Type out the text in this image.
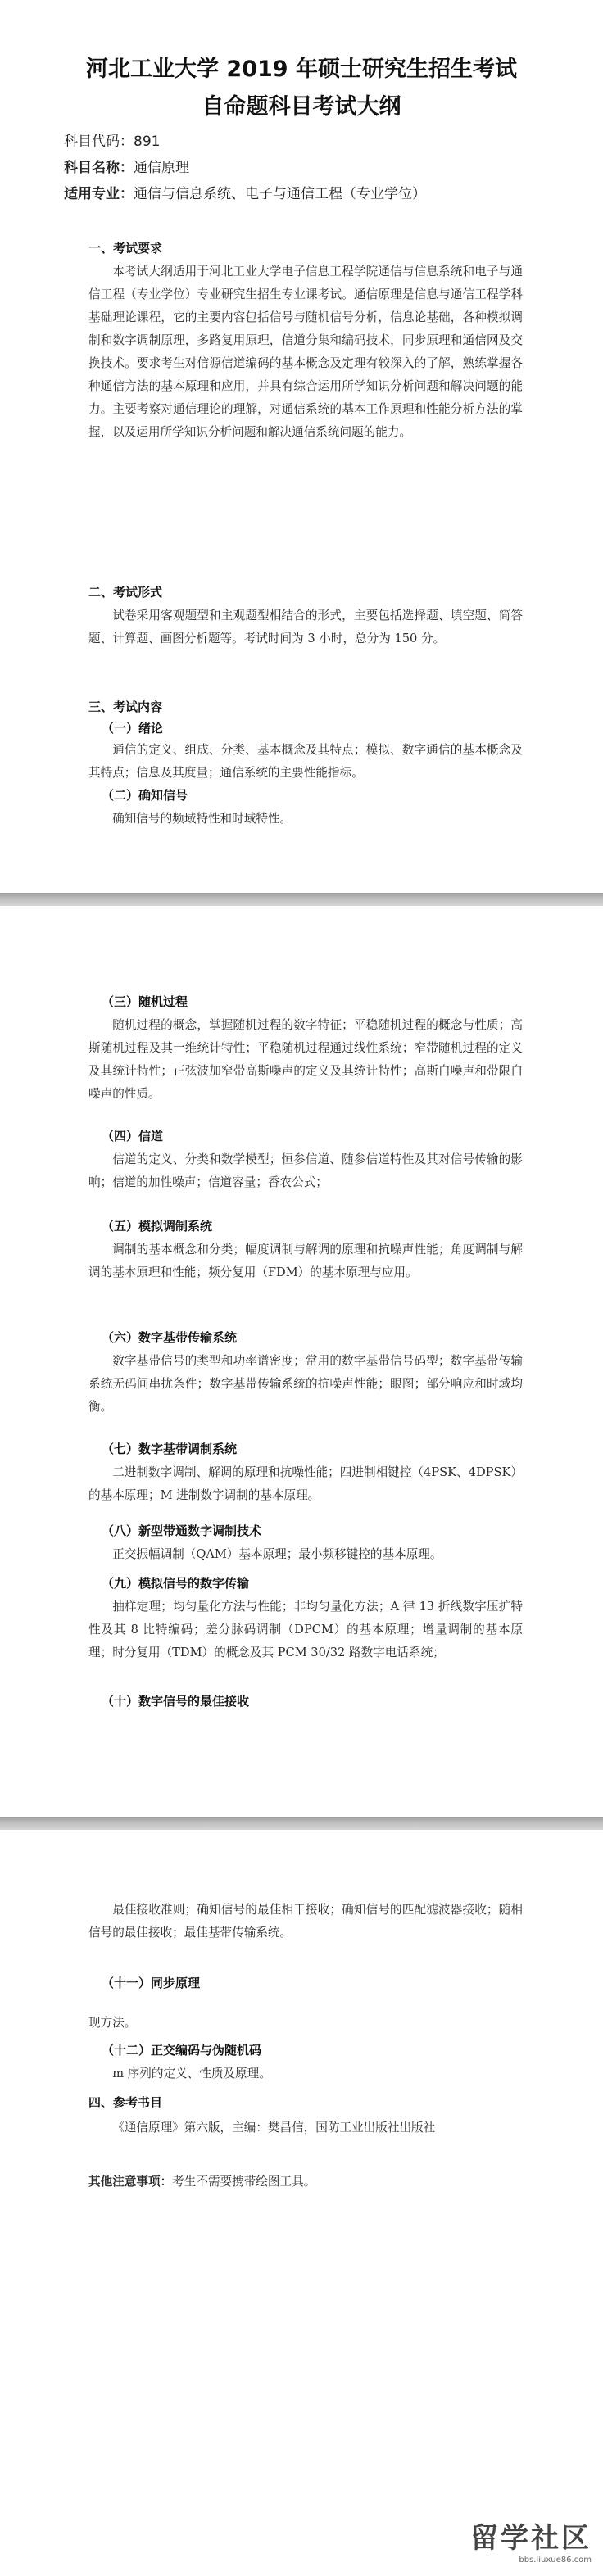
河北工业大学 2019 年硕士研究生招生考试
自命题科目考试大纲
科目代码：891
科目名称：通信原理
适用专业：通信与信息系统、电子与通信工程（专业学位）
一、考试要求

本考试大纲适用于河北工业大学电子信息工程学院通信与信息系统和电子与通信工程（专业学位）专业研究生招生专业课考试。通信原理是信息与通信工程学科基础理论课程，它的主要内容包括信号与随机信号分析，信息论基础，各种模拟调制和数字调制原理，多路复用原理，信道分集和编码技术，同步原理和通信网及交换技术。要求考生对信源信道编码的基本概念及定理有较深入的了解，熟练掌握各种通信方法的基本原理和应用，并具有综合运用所学知识分析问题和解决问题的能力。主要考察对通信理论的理解，对通信系统的基本工作原理和性能分析方法的掌握，以及运用所学知识分析问题和解决通信系统问题的能力。

二、考试形式

试卷采用客观题型和主观题型相结合的形式，主要包括选择题、填空题、简答题、计算题、画图分析题等。考试时间为 3 小时，总分为 150 分。

三、考试内容
（一）绪论

通信的定义、组成、分类、基本概念及其特点；模拟、数字通信的基本概念及其特点；信息及其度量；通信系统的主要性能指标。

（二）确知信号

确知信号的频域特性和时域特性。

（三）随机过程

随机过程的概念，掌握随机过程的数字特征；平稳随机过程的概念与性质；高斯随机过程及其一维统计特性；平稳随机过程通过线性系统；窄带随机过程的定义及其统计特性；正弦波加窄带高斯噪声的定义及其统计特性；高斯白噪声和带限白噪声的性质。

（四）信道

信道的定义、分类和数学模型；恒参信道、随参信道特性及其对信号传输的影响；信道的加性噪声；信道容量；香农公式；

（五）模拟调制系统

调制的基本概念和分类；幅度调制与解调的原理和抗噪声性能；角度调制与解调的基本原理和性能；频分复用（FDM）的基本原理与应用。

（六）数字基带传输系统

数字基带信号的类型和功率谱密度；常用的数字基带信号码型；数字基带传输系统无码间串扰条件；数字基带传输系统的抗噪声性能；眼图；部分响应和时域均衡。

（七）数字基带调制系统

二进制数字调制、解调的原理和抗噪性能；四进制相键控（4PSK、4DPSK）的基本原理；M 进制数字调制的基本原理。

（八）新型带通数字调制技术

正交振幅调制（QAM）基本原理；最小频移键控的基本原理。

（九）模拟信号的数字传输

抽样定理；均匀量化方法与性能；非均匀量化方法；A 律 13 折线数字压扩特性及其 8 比特编码；差分脉码调制（DPCM）的基本原理；增量调制的基本原理；时分复用（TDM）的概念及其 PCM 30/32 路数字电话系统；

（十）数字信号的最佳接收

最佳接收准则；确知信号的最佳相干接收；确知信号的匹配滤波器接收；随相信号的最佳接收；最佳基带传输系统。

（十一）同步原理

现方法。

（十二）正交编码与伪随机码

m 序列的定义、性质及原理。

四、参考书目

《通信原理》第六版，主编：樊昌信，国防工业出版社出版社

其他注意事项：考生不需要携带绘图工具。

留学社区
bbs.liuxue86.com
